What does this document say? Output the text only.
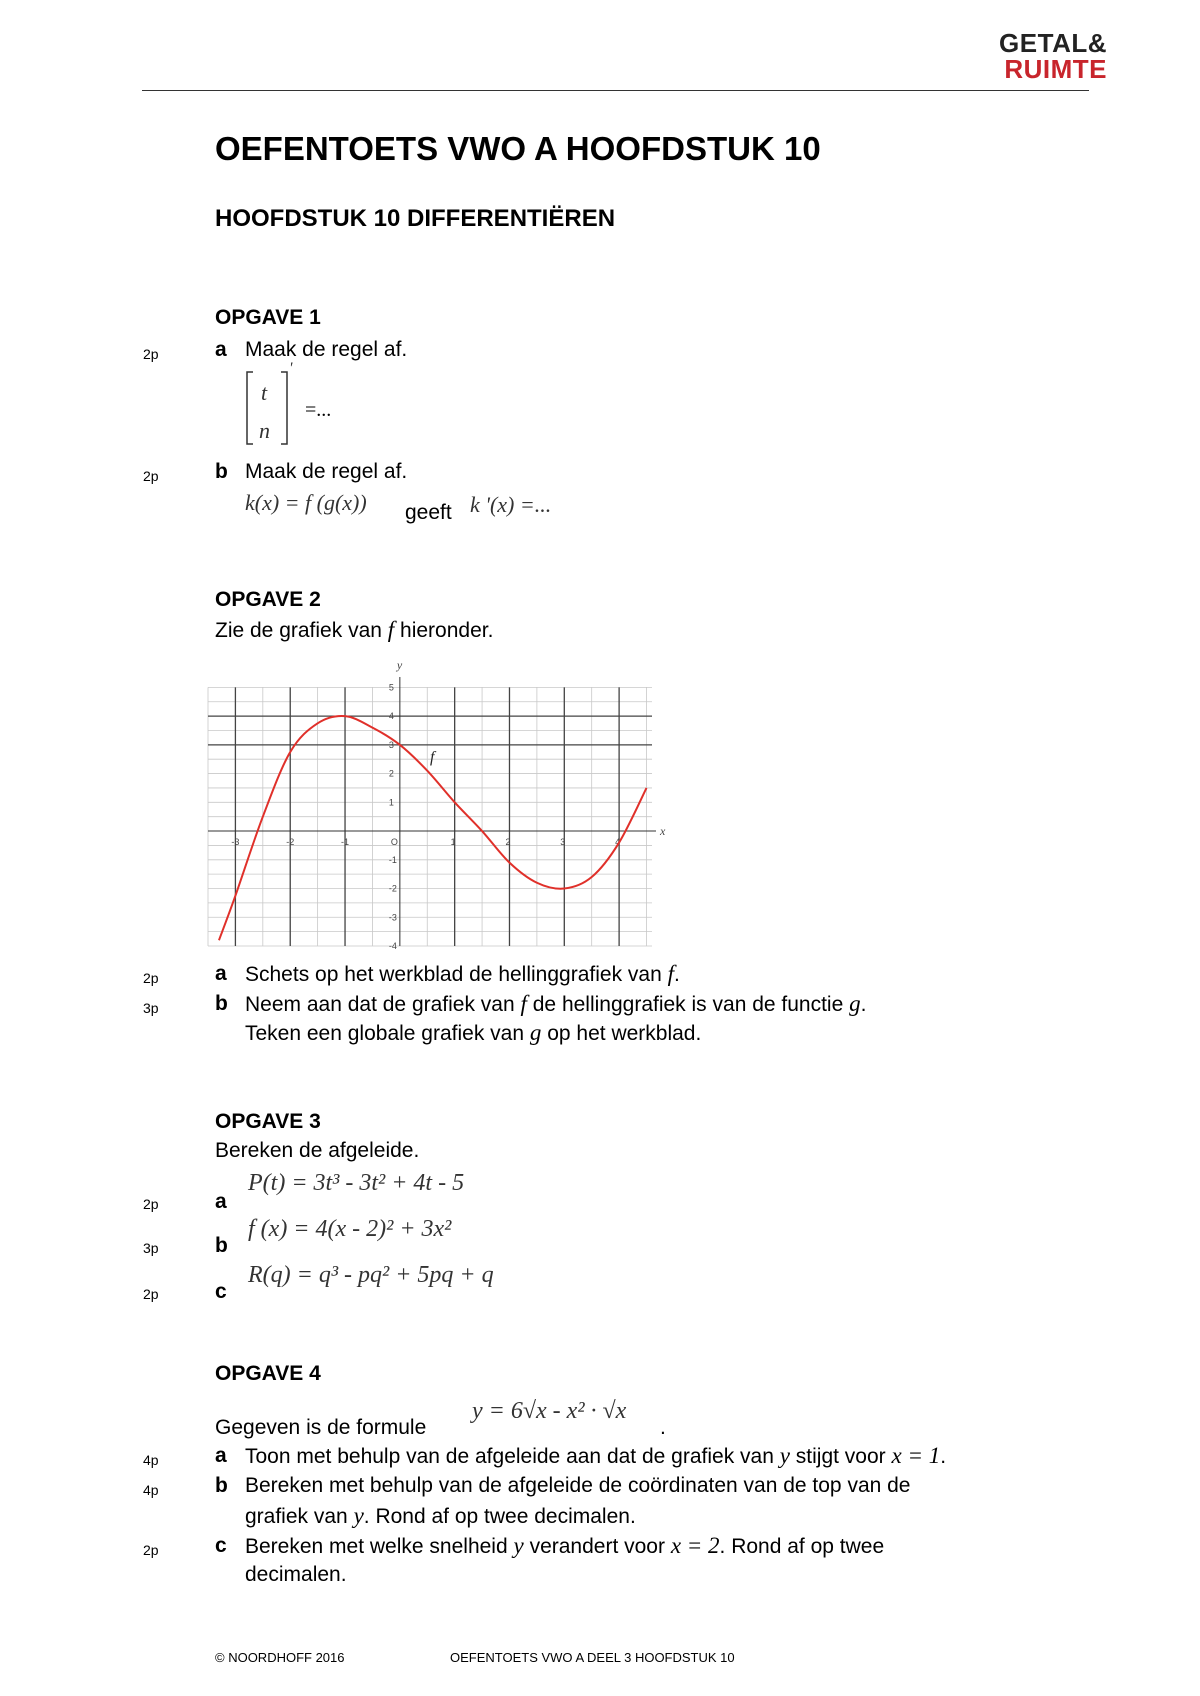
GETAL&
RUIMTE
OEFENTOETS VWO A HOOFDSTUK 10
HOOFDSTUK 10 DIFFERENTIËREN
OPGAVE 1
2p	a Maak de regel af.
t
n
'
=...
2p	b Maak de regel af.
k(x) = f (g(x)) geeft k '(x) =...
OPGAVE 2
Zie de grafiek van f hieronder.
-3	-2	-1	O	1	2	3	4
5
4
3
2
1
-1
-2
-3
-4
f
x
y
2p	a Schets op het werkblad de hellinggrafiek van f.
3p	b Neem aan dat de grafiek van f de hellinggrafiek is van de functie g.
Teken een globale grafiek van g op het werkblad.
OPGAVE 3
Bereken de afgeleide.
2p	a
P(t) = 3t³ - 3t² + 4t - 5
3p	b
f (x) = 4(x - 2)² + 3x²
2p	c
R(q) = q³ - pq² + 5pq + q
OPGAVE 4
Gegeven is de formule
y = 6√x - x² · √x
.
4p	a Toon met behulp van de afgeleide aan dat de grafiek van y stijgt voor x = 1.
4p	b Bereken met behulp van de afgeleide de coördinaten van de top van de
grafiek van y. Rond af op twee decimalen.
2p	c Bereken met welke snelheid y verandert voor x = 2. Rond af op twee
decimalen.
© NOORDHOFF 2016	OEFENTOETS VWO A DEEL 3 HOOFDSTUK 10
